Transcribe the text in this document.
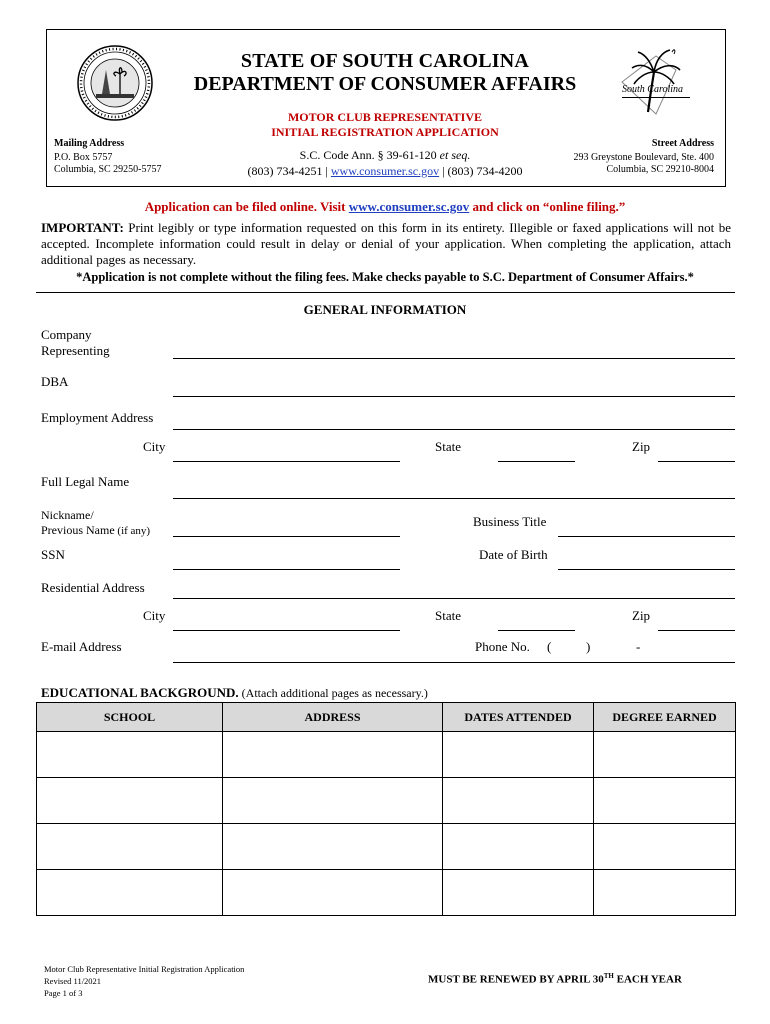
South Carolina
STATE OF SOUTH CAROLINA
DEPARTMENT OF CONSUMER AFFAIRS
MOTOR CLUB REPRESENTATIVE
INITIAL REGISTRATION APPLICATION
S.C. Code Ann. § 39-61-120 et seq.
(803) 734-4251 | www.consumer.sc.gov | (803) 734-4200
Mailing Address
P.O. Box 5757
Columbia, SC 29250-5757
Street Address
293 Greystone Boulevard, Ste. 400
Columbia, SC 29210-8004
Application can be filed online. Visit www.consumer.sc.gov and click on “online filing.”
IMPORTANT: Print legibly or type information requested on this form in its entirety. Illegible or faxed applications will not be accepted. Incomplete information could result in delay or denial of your application. When completing the application, attach additional pages as necessary.
*Application is not complete without the filing fees. Make checks payable to S.C. Department of Consumer Affairs.*
GENERAL INFORMATION
Company
Representing
DBA
Employment Address
City	State	Zip
Full Legal Name
Nickname/
Previous Name (if any)
Business Title
SSN	Date of Birth
Residential Address
City	State	Zip
E-mail Address	Phone No. (	)	-
EDUCATIONAL BACKGROUND. (Attach additional pages as necessary.)
SCHOOL	ADDRESS	DATES ATTENDED	DEGREE EARNED

Motor Club Representative Initial Registration Application
Revised 11/2021
Page 1 of 3
MUST BE RENEWED BY APRIL 30TH EACH YEAR
